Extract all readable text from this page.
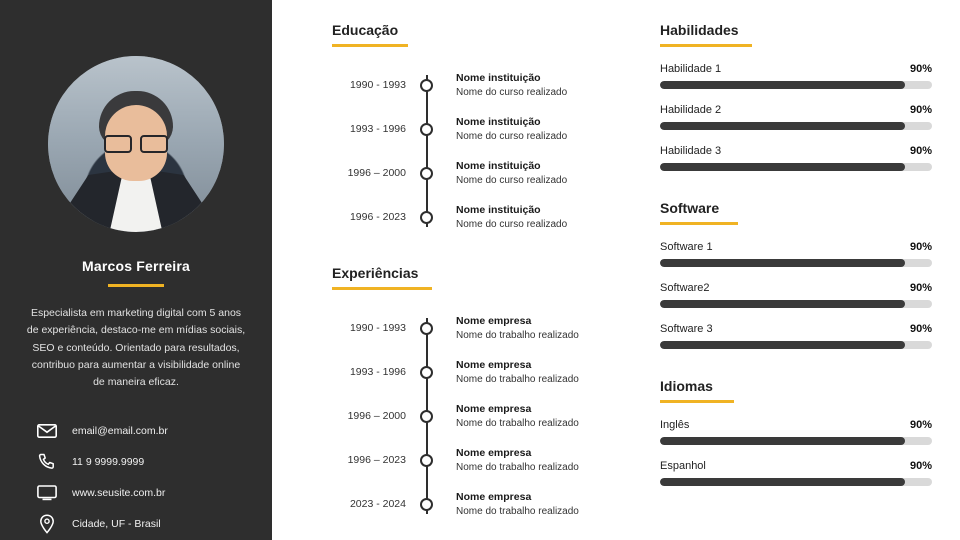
Marcos Ferreira

Especialista em marketing digital com 5 anos de experiência, destaco-me em mídias sociais, SEO e conteúdo. Orientado para resultados, contribuo para aumentar a visibilidade online de maneira eficaz.

email@email.com.br
11 9 9999.9999
www.seusite.com.br
Cidade, UF - Brasil
Educação
1990 - 1993
Nome instituição
Nome do curso realizado
1993 - 1996
Nome instituição
Nome do curso realizado
1996 – 2000
Nome instituição
Nome do curso realizado
1996 - 2023
Nome instituição
Nome do curso realizado
Experiências
1990 - 1993
Nome empresa
Nome do trabalho realizado
1993 - 1996
Nome empresa
Nome do trabalho realizado
1996 – 2000
Nome empresa
Nome do trabalho realizado
1996 – 2023
Nome empresa
Nome do trabalho realizado
2023 - 2024
Nome empresa
Nome do trabalho realizado
Habilidades
Habilidade 1	90%
Habilidade 2	90%
Habilidade 3	90%
Software
Software 1	90%
Software2	90%
Software 3	90%
Idiomas
Inglês	90%
Espanhol	90%
